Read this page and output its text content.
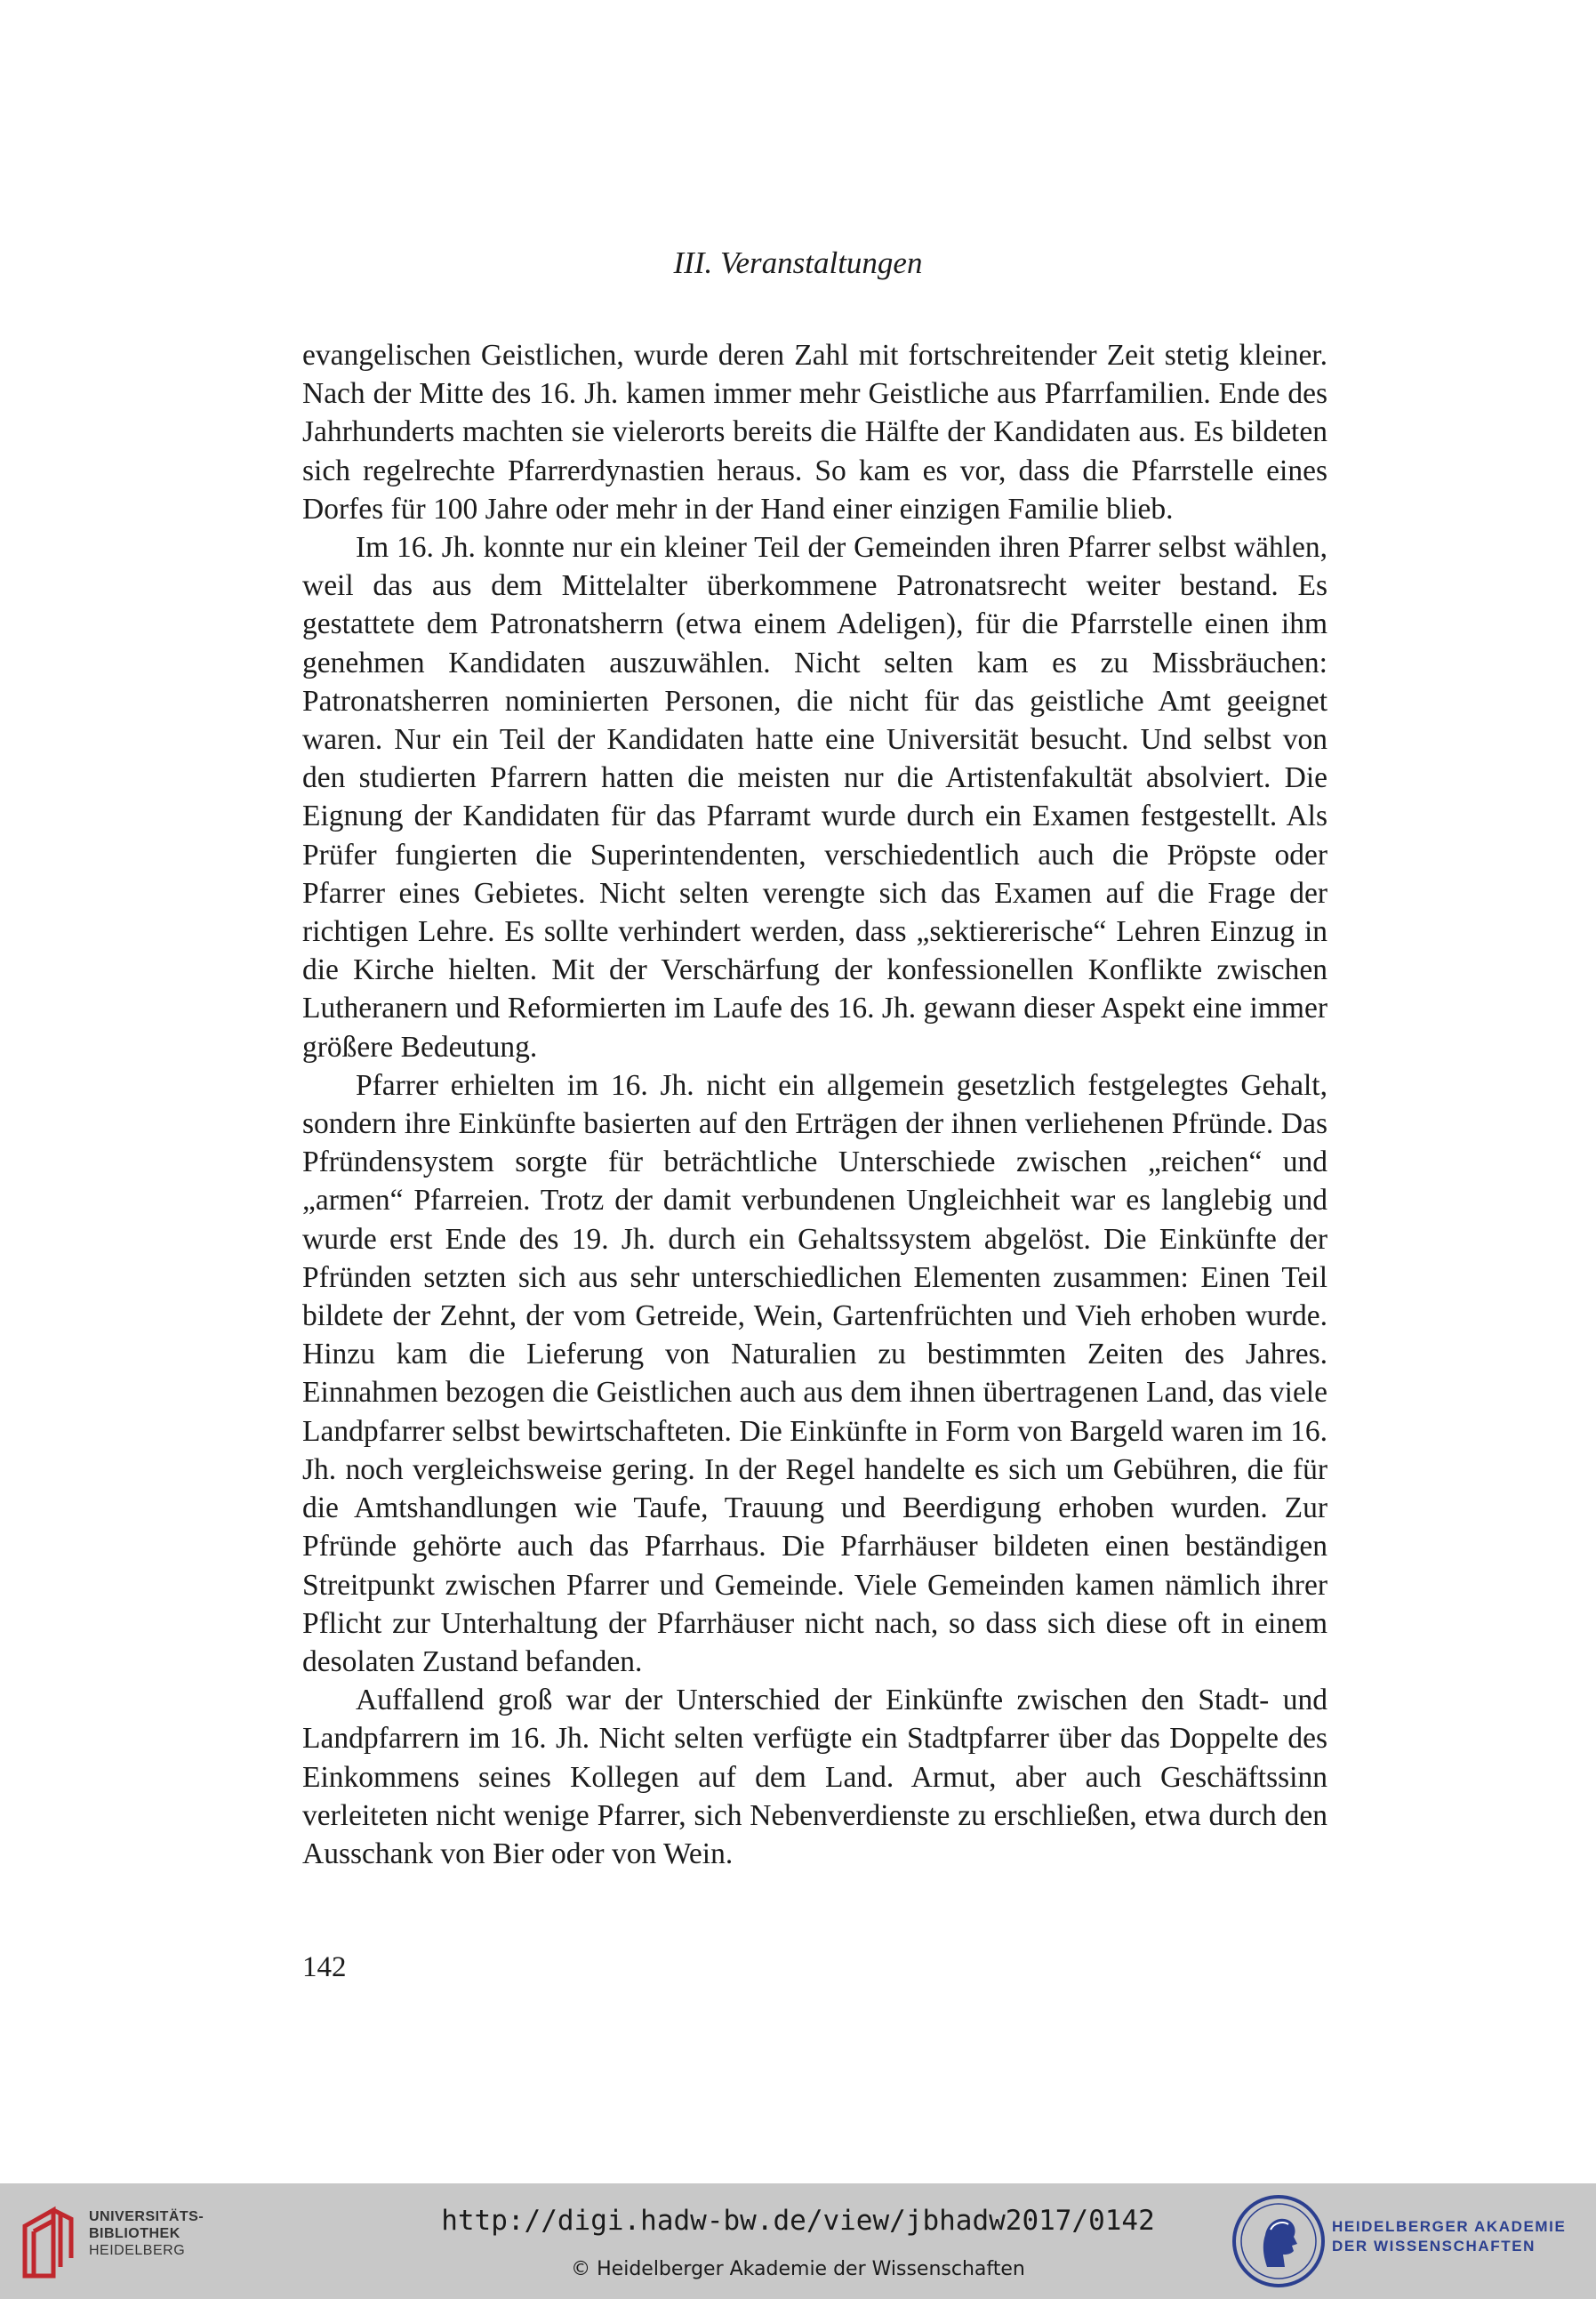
III. Veranstaltungen

evangelischen Geistlichen, wurde deren Zahl mit fortschreitender Zeit stetig kleiner. Nach der Mitte des 16. Jh. kamen immer mehr Geistliche aus Pfarrfamilien. Ende des Jahrhunderts machten sie vielerorts bereits die Hälfte der Kandidaten aus. Es bildeten sich regelrechte Pfarrerdynastien heraus. So kam es vor, dass die Pfarrstelle eines Dorfes für 100 Jahre oder mehr in der Hand einer einzigen Familie blieb.

Im 16. Jh. konnte nur ein kleiner Teil der Gemeinden ihren Pfarrer selbst wählen, weil das aus dem Mittelalter überkommene Patronatsrecht weiter bestand. Es gestattete dem Patronatsherrn (etwa einem Adeligen), für die Pfarrstelle einen ihm genehmen Kandidaten auszuwählen. Nicht selten kam es zu Missbräuchen: Patronatsherren nominierten Personen, die nicht für das geistliche Amt geeignet waren. Nur ein Teil der Kandidaten hatte eine Universität besucht. Und selbst von den studierten Pfarrern hatten die meisten nur die Artistenfakultät absolviert. Die Eignung der Kandidaten für das Pfarramt wurde durch ein Examen festgestellt. Als Prüfer fungierten die Superintendenten, verschiedentlich auch die Pröpste oder Pfarrer eines Gebietes. Nicht selten verengte sich das Examen auf die Frage der richtigen Lehre. Es sollte verhindert werden, dass „sektiererische“ Lehren Einzug in die Kirche hielten. Mit der Verschärfung der konfessionellen Konflikte zwischen Lutheranern und Reformierten im Laufe des 16. Jh. gewann dieser Aspekt eine immer größere Bedeutung.

Pfarrer erhielten im 16. Jh. nicht ein allgemein gesetzlich festgelegtes Gehalt, sondern ihre Einkünfte basierten auf den Erträgen der ihnen verliehenen Pfründe. Das Pfründensystem sorgte für beträchtliche Unterschiede zwischen „reichen“ und „armen“ Pfarreien. Trotz der damit verbundenen Ungleichheit war es langlebig und wurde erst Ende des 19. Jh. durch ein Gehaltssystem abgelöst. Die Einkünfte der Pfründen setzten sich aus sehr unterschiedlichen Elementen zusammen: Einen Teil bildete der Zehnt, der vom Getreide, Wein, Gartenfrüchten und Vieh erhoben wurde. Hinzu kam die Lieferung von Naturalien zu bestimmten Zeiten des Jahres. Einnahmen bezogen die Geistlichen auch aus dem ihnen übertragenen Land, das viele Landpfarrer selbst bewirtschafteten. Die Einkünfte in Form von Bargeld waren im 16. Jh. noch vergleichsweise gering. In der Regel handelte es sich um Gebühren, die für die Amtshandlungen wie Taufe, Trauung und Beerdigung erhoben wurden. Zur Pfründe gehörte auch das Pfarrhaus. Die Pfarrhäuser bildeten einen beständigen Streitpunkt zwischen Pfarrer und Gemeinde. Viele Gemeinden kamen nämlich ihrer Pflicht zur Unterhaltung der Pfarrhäuser nicht nach, so dass sich diese oft in einem desolaten Zustand befanden.

Auffallend groß war der Unterschied der Einkünfte zwischen den Stadt- und Landpfarrern im 16. Jh. Nicht selten verfügte ein Stadtpfarrer über das Doppelte des Einkommens seines Kollegen auf dem Land. Armut, aber auch Geschäftssinn verleiteten nicht wenige Pfarrer, sich Nebenverdienste zu erschließen, etwa durch den Ausschank von Bier oder von Wein.

142
UNIVERSITÄTS-
BIBLIOTHEK
HEIDELBERG
http://digi.hadw-bw.de/view/jbhadw2017/0142
© Heidelberger Akademie der Wissenschaften
HEIDELBERGER AKADEMIE
DER WISSENSCHAFTEN
